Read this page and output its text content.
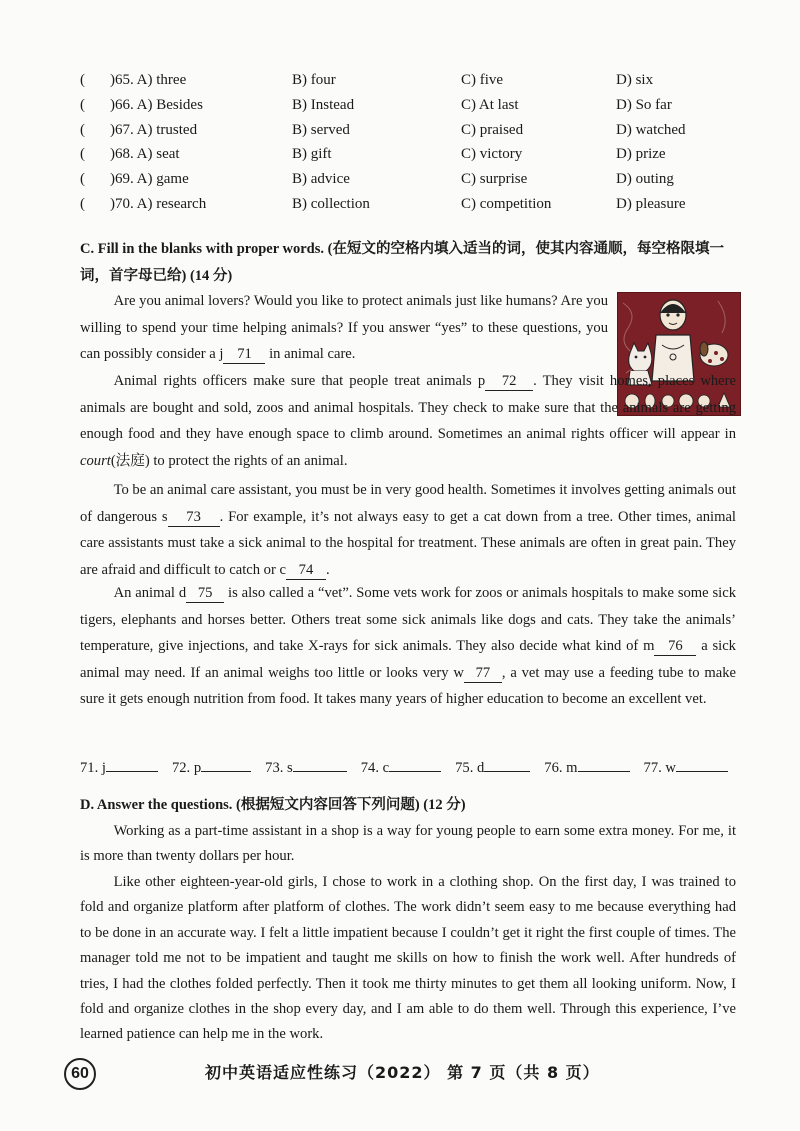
( )65. A) three	B) four	C) five	D) six
( )66. A) Besides	B) Instead	C) At last	D) So far
( )67. A) trusted	B) served	C) praised	D) watched
( )68. A) seat	B) gift	C) victory	D) prize
( )69. A) game	B) advice	C) surprise	D) outing
( )70. A) research	B) collection	C) competition	D) pleasure
C. Fill in the blanks with proper words. (在短文的空格内填入适当的词，使其内容通顺，每空格限填一词，首字母已给) (14 分)
Are you animal lovers? Would you like to protect animals just like humans? Are you willing to spend your time helping animals? If you answer “yes” to these questions, you can possibly consider a j 71 in animal care.
Animal rights officers make sure that people treat animals p 72 . They visit homes, places where animals are bought and sold, zoos and animal hospitals. They check to make sure that the animals are getting enough food and they have enough space to climb around. Sometimes an animal rights officer will appear in court(法庭) to protect the rights of an animal.
To be an animal care assistant, you must be in very good health. Sometimes it involves getting animals out of dangerous s 73 . For example, it’s not always easy to get a cat down from a tree. Other times, animal care assistants must take a sick animal to the hospital for treatment. These animals are often in great pain. They are afraid and difficult to catch or c 74 .
An animal d 75 is also called a “vet”. Some vets work for zoos or animals hospitals to make some sick tigers, elephants and horses better. Others treat some sick animals like dogs and cats. They take the animals’ temperature, give injections, and take X-rays for sick animals. They also decide what kind of m 76 a sick animal may need. If an animal weighs too little or looks very w 77 , a vet may use a feeding tube to make sure it gets enough nutrition from food. It takes many years of higher education to become an excellent vet.
71. j	72. p	73. s	74. c	75. d	76. m	77. w
D. Answer the questions. (根据短文内容回答下列问题) (12 分)
Working as a part-time assistant in a shop is a way for young people to earn some extra money. For me, it is more than twenty dollars per hour.
Like other eighteen-year-old girls, I chose to work in a clothing shop. On the first day, I was trained to fold and organize platform after platform of clothes. The work didn’t seem easy to me because everything had to be done in an accurate way. I felt a little impatient because I couldn’t get it right the first couple of times. The manager told me not to be impatient and taught me skills on how to finish the work well. After hundreds of tries, I had the clothes folded perfectly. Then it took me thirty minutes to get them all looking uniform. Now, I fold and organize clothes in the shop every day, and I am able to do them well. Through this experience, I’ve learned patience can help me in the work.
60	初中英语适应性练习（2022） 第 7 页（共 8 页）
